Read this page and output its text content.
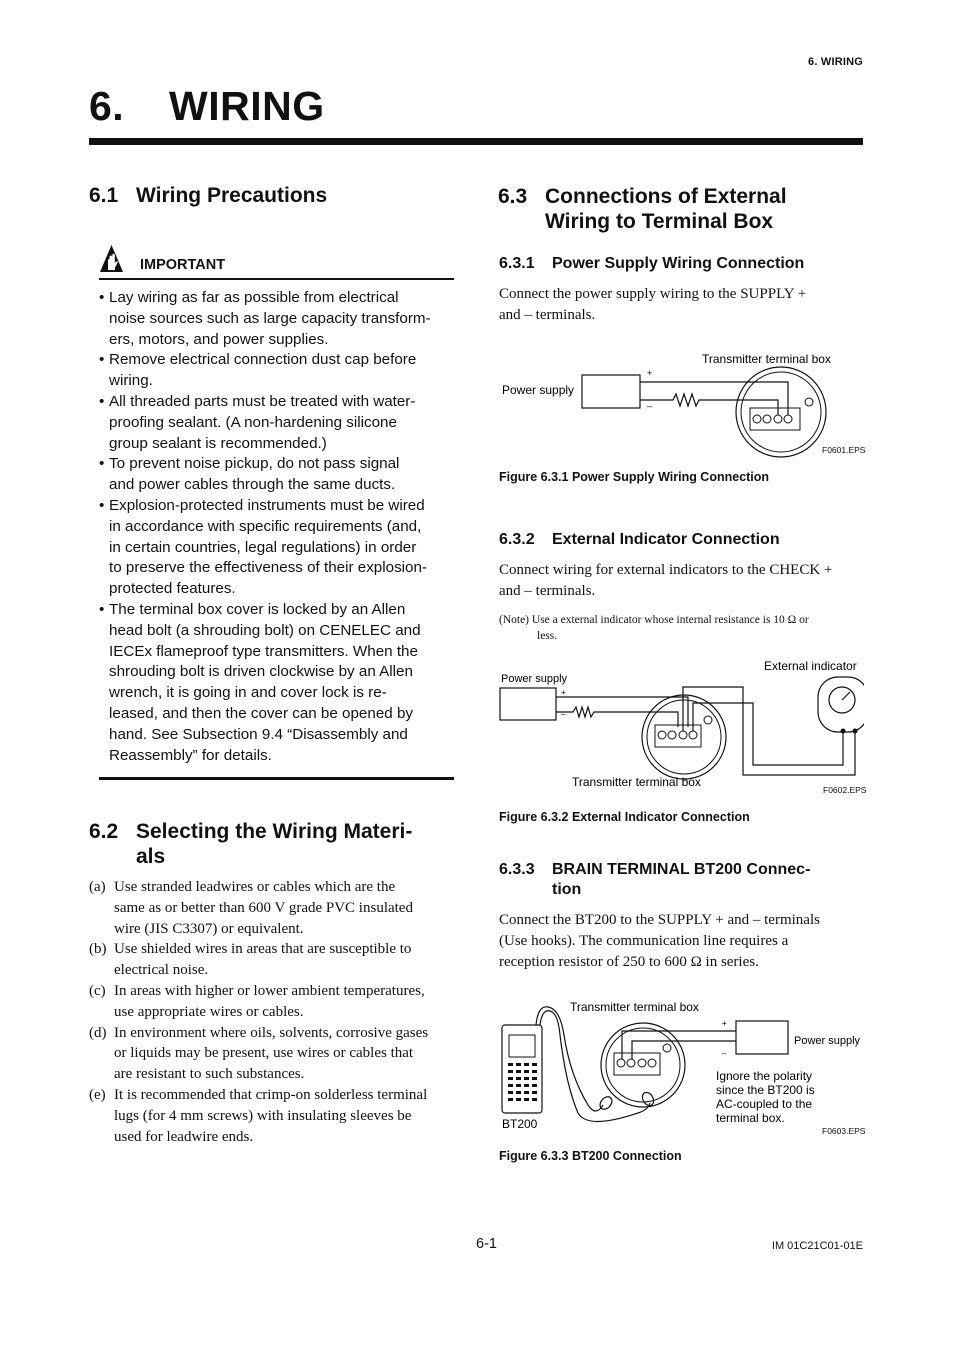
6. WIRING
6. WIRING
6.1 Wiring Precautions
IMPORTANT
• Lay wiring as far as possible from electrical
noise sources such as large capacity transform-
ers, motors, and power supplies.
• Remove electrical connection dust cap before
wiring.
• All threaded parts must be treated with water-
proofing sealant. (A non-hardening silicone
group sealant is recommended.)
• To prevent noise pickup, do not pass signal
and power cables through the same ducts.
• Explosion-protected instruments must be wired
in accordance with specific requirements (and,
in certain countries, legal regulations) in order
to preserve the effectiveness of their explosion-
protected features.
• The terminal box cover is locked by an Allen
head bolt (a shrouding bolt) on CENELEC and
IECEx flameproof type transmitters. When the
shrouding bolt is driven clockwise by an Allen
wrench, it is going in and cover lock is re-
leased, and then the cover can be opened by
hand. See Subsection 9.4 “Disassembly and
Reassembly” for details.
6.2 Selecting the Wiring Materi-
als
(a) Use stranded leadwires or cables which are the
same as or better than 600 V grade PVC insulated
wire (JIS C3307) or equivalent.
(b) Use shielded wires in areas that are susceptible to
electrical noise.
(c) In areas with higher or lower ambient temperatures,
use appropriate wires or cables.
(d) In environment where oils, solvents, corrosive gases
or liquids may be present, use wires or cables that
are resistant to such substances.
(e) It is recommended that crimp-on solderless terminal
lugs (for 4 mm screws) with insulating sleeves be
used for leadwire ends.
6.3 Connections of External
Wiring to Terminal Box
6.3.1 Power Supply Wiring Connection
Connect the power supply wiring to the SUPPLY +
and – terminals.
Transmitter terminal box
Power supply
+
–
F0601.EPS
Figure 6.3.1 Power Supply Wiring Connection
6.3.2 External Indicator Connection
Connect wiring for external indicators to the CHECK +
and – terminals.
(Note) Use a external indicator whose internal resistance is 10 Ω or
less.
Power supply
External indicator
+
–
Transmitter terminal box
F0602.EPS
Figure 6.3.2 External Indicator Connection
6.3.3 BRAIN TERMINAL BT200 Connec-
tion
Connect the BT200 to the SUPPLY + and – terminals
(Use hooks). The communication line requires a
reception resistor of 250 to 600 Ω in series.
Transmitter terminal box
+
–
Power supply
Ignore the polarity
since the BT200 is
AC-coupled to the
terminal box.
BT200	F0603.EPS
Figure 6.3.3 BT200 Connection
6-1	IM 01C21C01-01E
